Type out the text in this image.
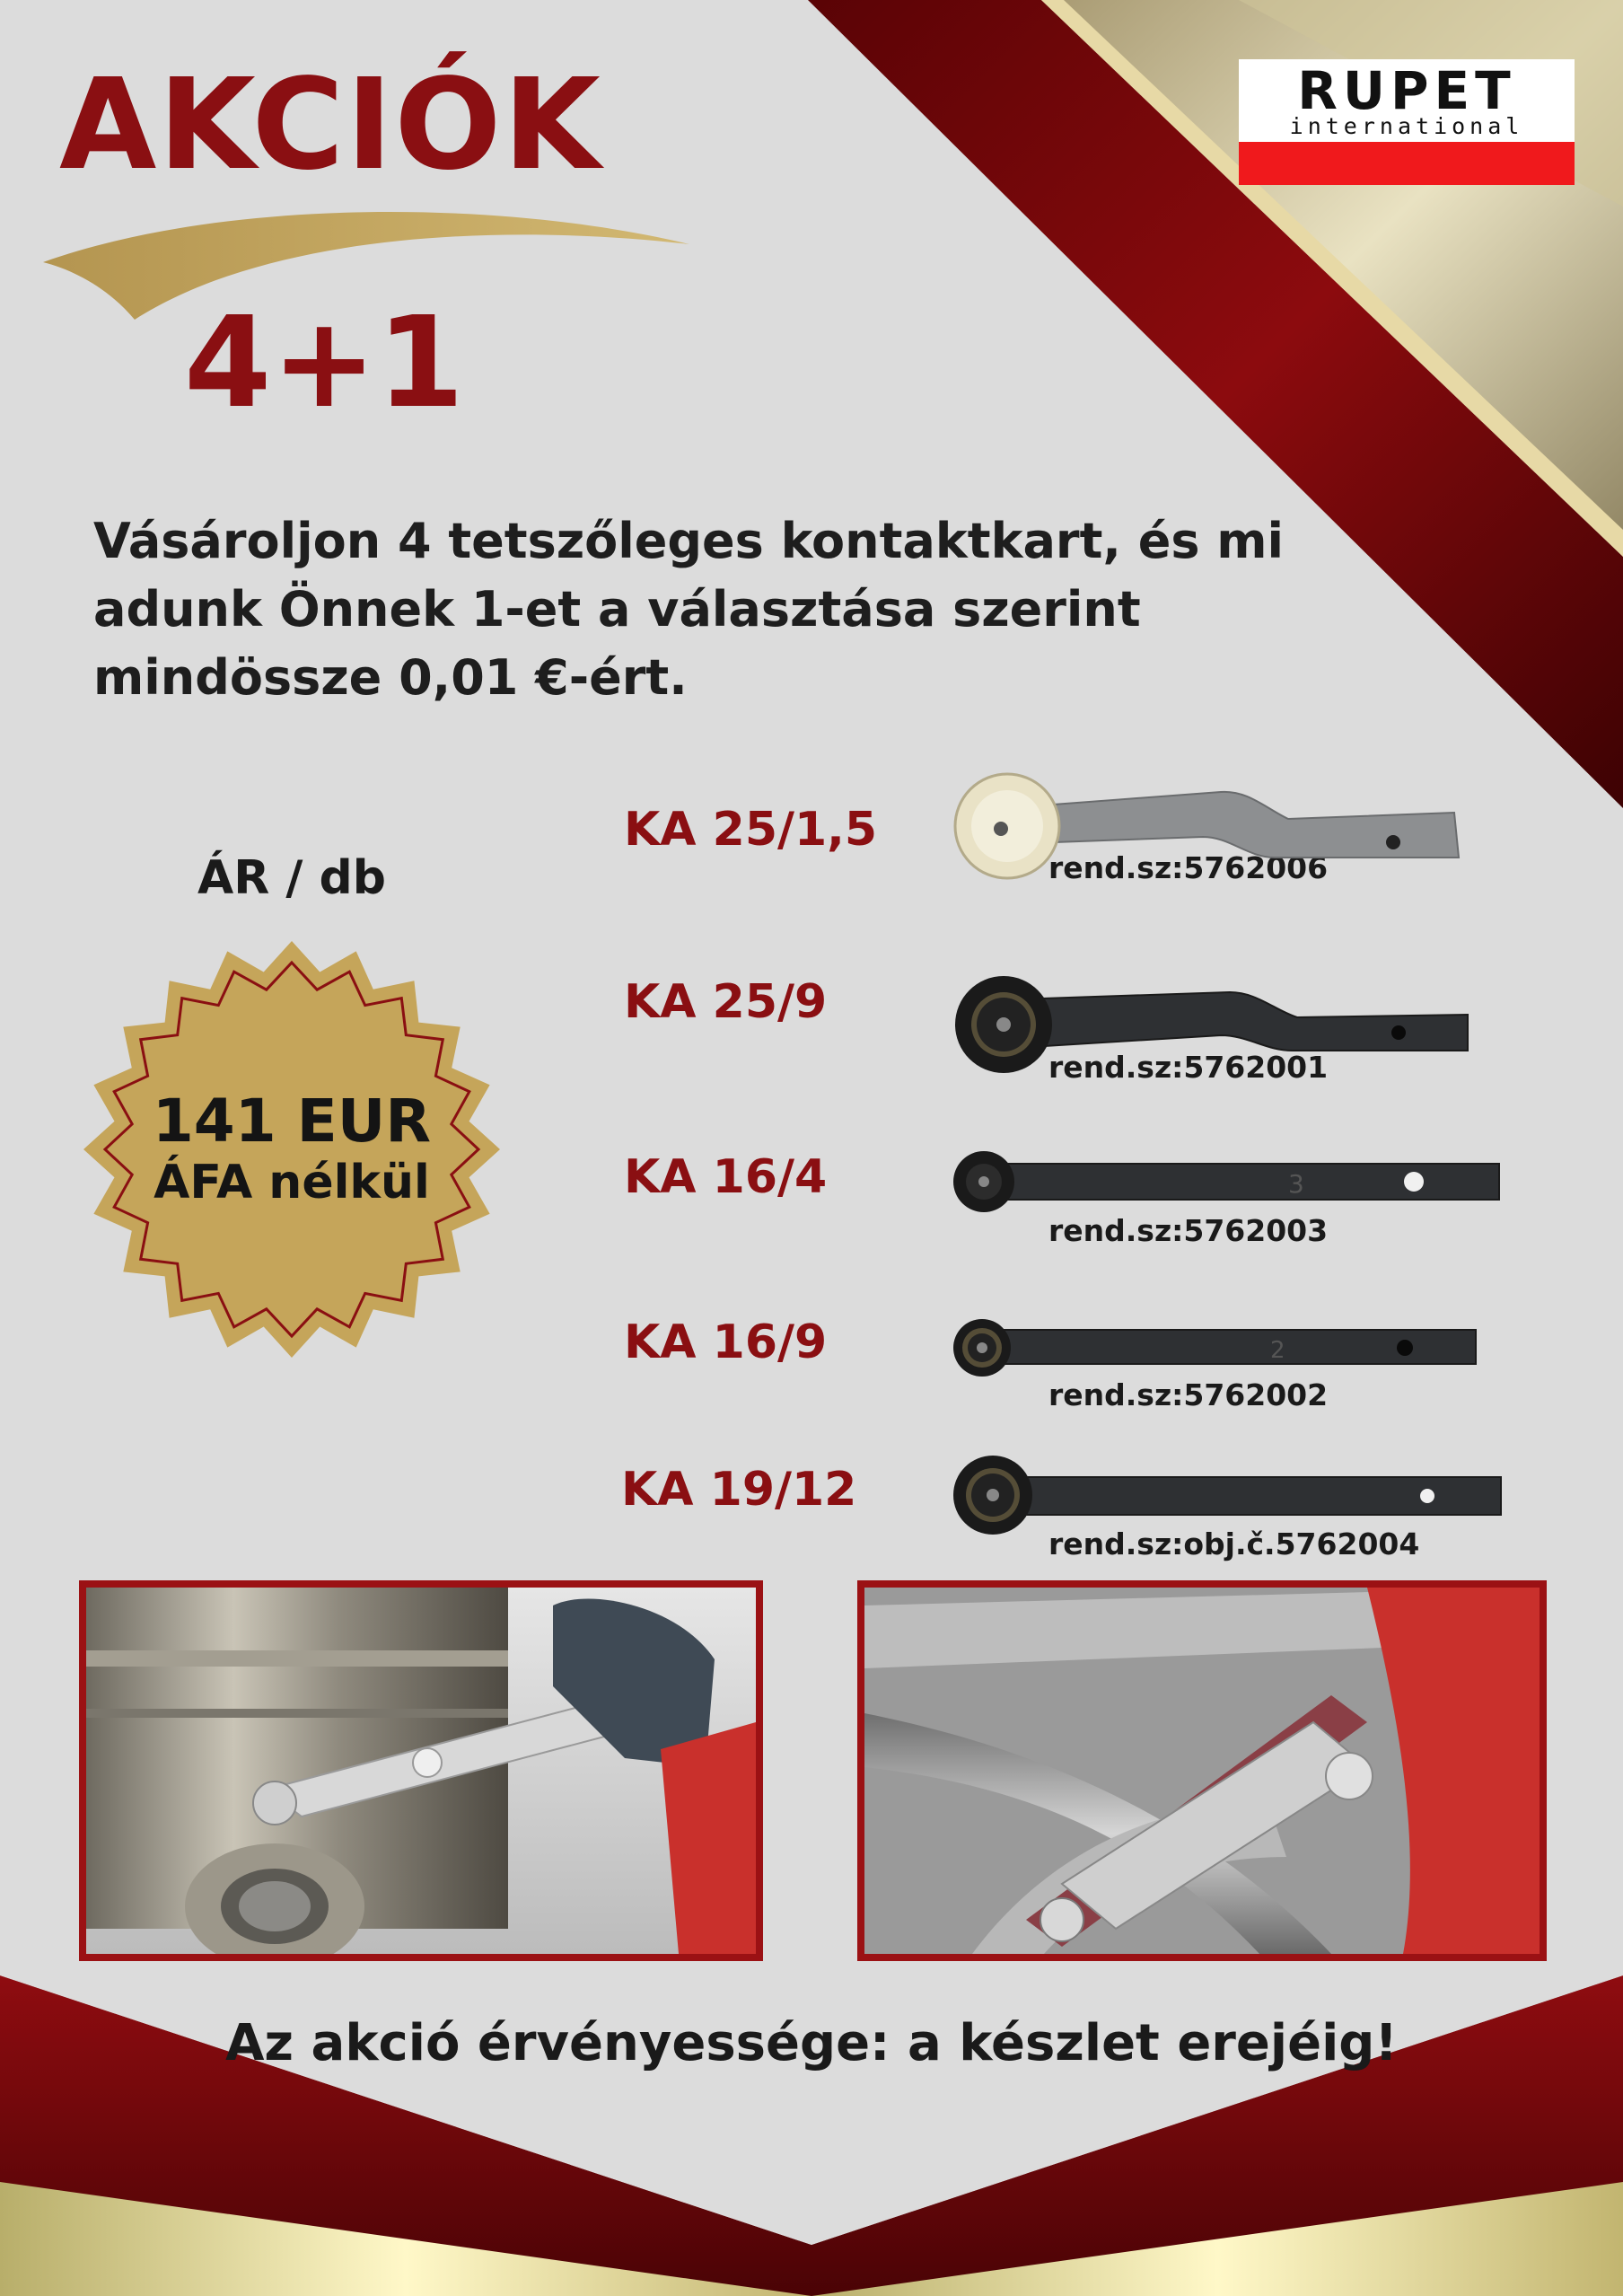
AKCIÓK
4+1
RUPET
international

Vásároljon 4 tetszőleges kontaktkart, és mi adunk Önnek 1-et a választása szerint mindössze 0,01 €-ért.

ÁR / db
141 EUR
ÁFA nélkül
KA 25/1,5
KA 25/9
KA 16/4
KA 16/9
KA 19/12
rend.sz:5762006
rend.sz:5762001
rend.sz:5762003
rend.sz:5762002
rend.sz:obj.č.5762004
3
2
Az akció érvényessége: a készlet erejéig!
